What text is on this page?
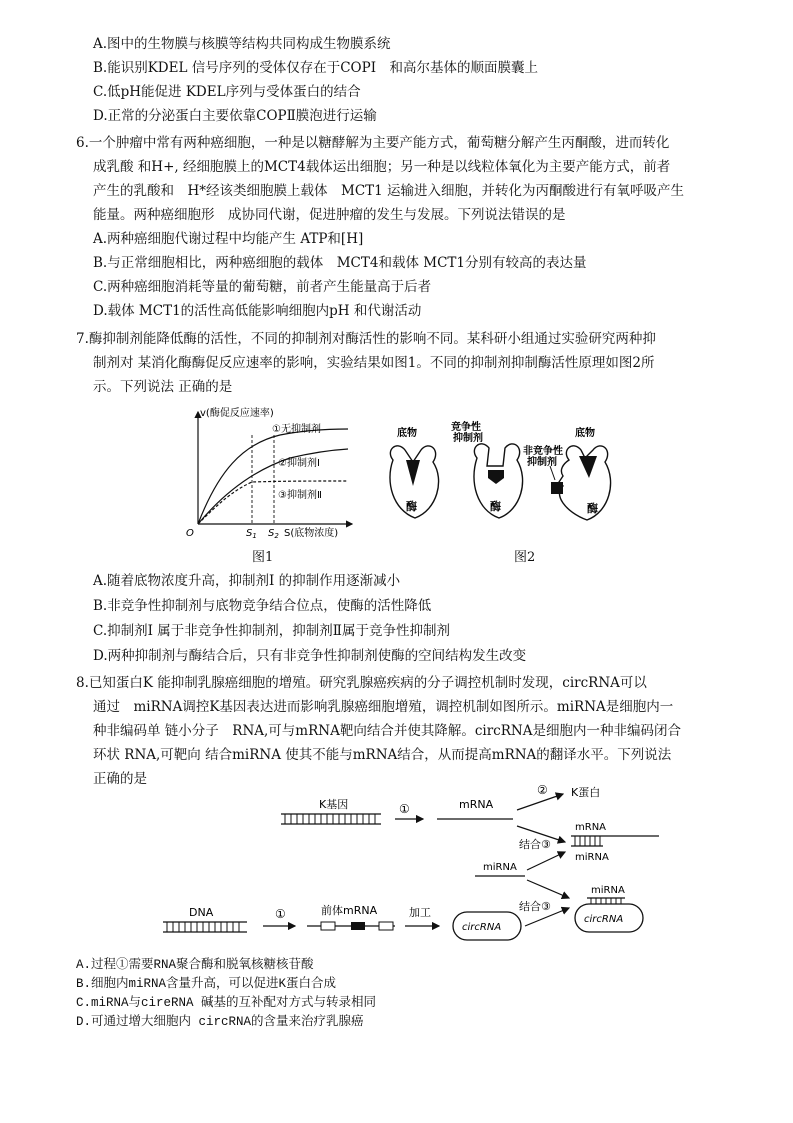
A.图中的生物膜与核膜等结构共同构成生物膜系统
B.能识别KDEL 信号序列的受体仅存在于COPI　和高尔基体的顺面膜囊上
C.低pH能促进 KDEL序列与受体蛋白的结合
D.正常的分泌蛋白主要依靠COPⅡ膜泡进行运输
6.一个肿瘤中常有两种癌细胞，一种是以糖酵解为主要产能方式，葡萄糖分解产生丙酮酸，进而转化
成乳酸 和H+, 经细胞膜上的MCT4载体运出细胞；另一种是以线粒体氧化为主要产能方式，前者
产生的乳酸和　H*经该类细胞膜上载体　MCT1 运输进入细胞，并转化为丙酮酸进行有氧呼吸产生
能量。两种癌细胞形　成协同代谢，促进肿瘤的发生与发展。下列说法错误的是
A.两种癌细胞代谢过程中均能产生 ATP和[H]
B.与正常细胞相比，两种癌细胞的载体　MCT4和载体 MCT1分别有较高的表达量
C.两种癌细胞消耗等量的葡萄糖，前者产生能量高于后者
D.载体 MCT1的活性高低能影响细胞内pH 和代谢活动
7.酶抑制剂能降低酶的活性，不同的抑制剂对酶活性的影响不同。某科研小组通过实验研究两种抑
制剂对 某消化酶酶促反应速率的影响，实验结果如图1。不同的抑制剂抑制酶活性原理如图2所
示。下列说法 正确的是
v(酶促反应速率)
①无抑制剂
②抑制剂Ⅰ
③抑制剂Ⅱ
O	$S_1$ $S_2$ S(底物浓度)
图1
底物
酶
竞争性抑制剂
酶
非竞争性抑制剂
底物
酶
图2
A.随着底物浓度升高，抑制剂I 的抑制作用逐渐减小
B.非竞争性抑制剂与底物竞争结合位点，使酶的活性降低
C.抑制剂I 属于非竞争性抑制剂，抑制剂Ⅱ属于竞争性抑制剂
D.两种抑制剂与酶结合后，只有非竞争性抑制剂使酶的空间结构发生改变
8.已知蛋白K 能抑制乳腺癌细胞的增殖。研究乳腺癌疾病的分子调控机制时发现，circRNA可以
通过　miRNA调控K基因表达进而影响乳腺癌细胞增殖，调控机制如图所示。miRNA是细胞内一
种非编码单 链小分子　RNA,可与mRNA靶向结合并使其降解。circRNA是细胞内一种非编码闭合
环状 RNA,可靶向 结合miRNA 使其不能与mRNA结合，从而提高mRNA的翻译水平。下列说法
正确的是
K基因	①	mRNA
② K蛋白
结合③
mRNA
miRNA
miRNA
DNA	①	前体mRNA	加工
circRNA
结合③
miRNA
circRNA
A.过程①需要RNA聚合酶和脱氧核糖核苷酸
B.细胞内miRNA含量升高，可以促进K蛋白合成
C.miRNA与cireRNA 碱基的互补配对方式与转录相同
D.可通过增大细胞内 circRNA的含量来治疗乳腺癌
